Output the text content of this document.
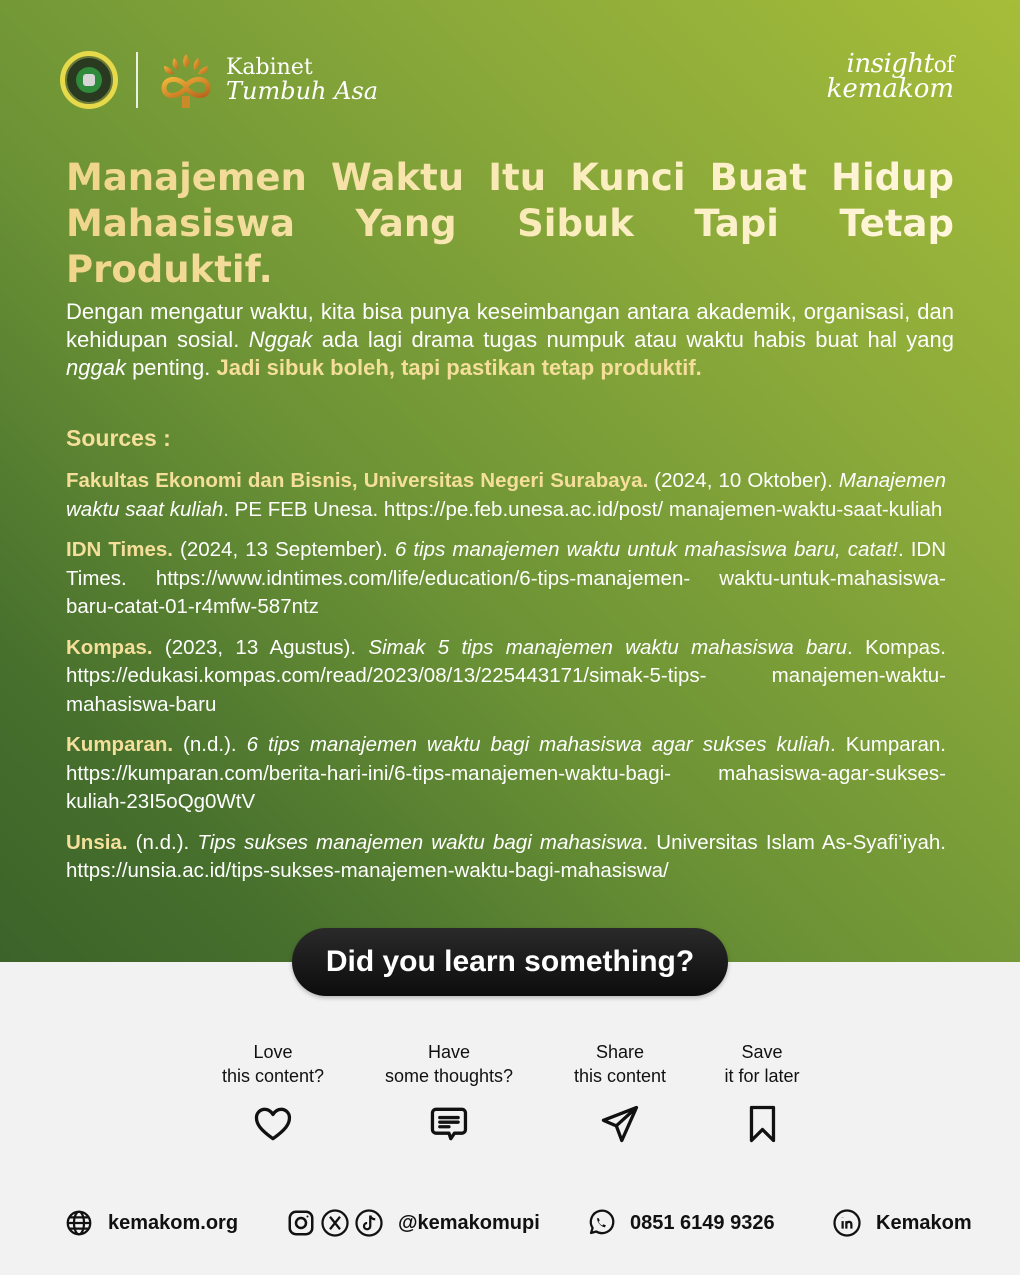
Kabinet
Tumbuh Asa
insightof
kemakom
Manajemen Waktu Itu Kunci Buat Hidup Mahasiswa Yang Sibuk Tapi Tetap Produktif.

Dengan mengatur waktu, kita bisa punya keseimbangan antara akademik, organisasi, dan kehidupan sosial. Nggak ada lagi drama tugas numpuk atau waktu habis buat hal yang nggak penting. Jadi sibuk boleh, tapi pastikan tetap produktif.

Sources :

Fakultas Ekonomi dan Bisnis, Universitas Negeri Surabaya. (2024, 10 Oktober). Manajemen waktu saat kuliah. PE FEB Unesa. https://pe.feb.unesa.ac.id/post/ manajemen-waktu-saat-kuliah

IDN Times. (2024, 13 September). 6 tips manajemen waktu untuk mahasiswa baru, catat!. IDN Times. https://www.idntimes.com/life/education/6-tips-manajemen- waktu-untuk-mahasiswa-baru-catat-01-r4mfw-587ntz

Kompas. (2023, 13 Agustus). Simak 5 tips manajemen waktu mahasiswa baru. Kompas. https://edukasi.kompas.com/read/2023/08/13/225443171/simak-5-tips- manajemen-waktu-mahasiswa-baru

Kumparan. (n.d.). 6 tips manajemen waktu bagi mahasiswa agar sukses kuliah. Kumparan. https://kumparan.com/berita-hari-ini/6-tips-manajemen-waktu-bagi- mahasiswa-agar-sukses-kuliah-23I5oQg0WtV

Unsia. (n.d.). Tips sukses manajemen waktu bagi mahasiswa. Universitas Islam As-Syafi’iyah. https://unsia.ac.id/tips-sukses-manajemen-waktu-bagi-mahasiswa/

Did you learn something?
Love
this content?
Have
some thoughts?
Share
this content
Save
it for later
kemakom.org	@kemakomupi	0851 6149 9326	Kemakom
